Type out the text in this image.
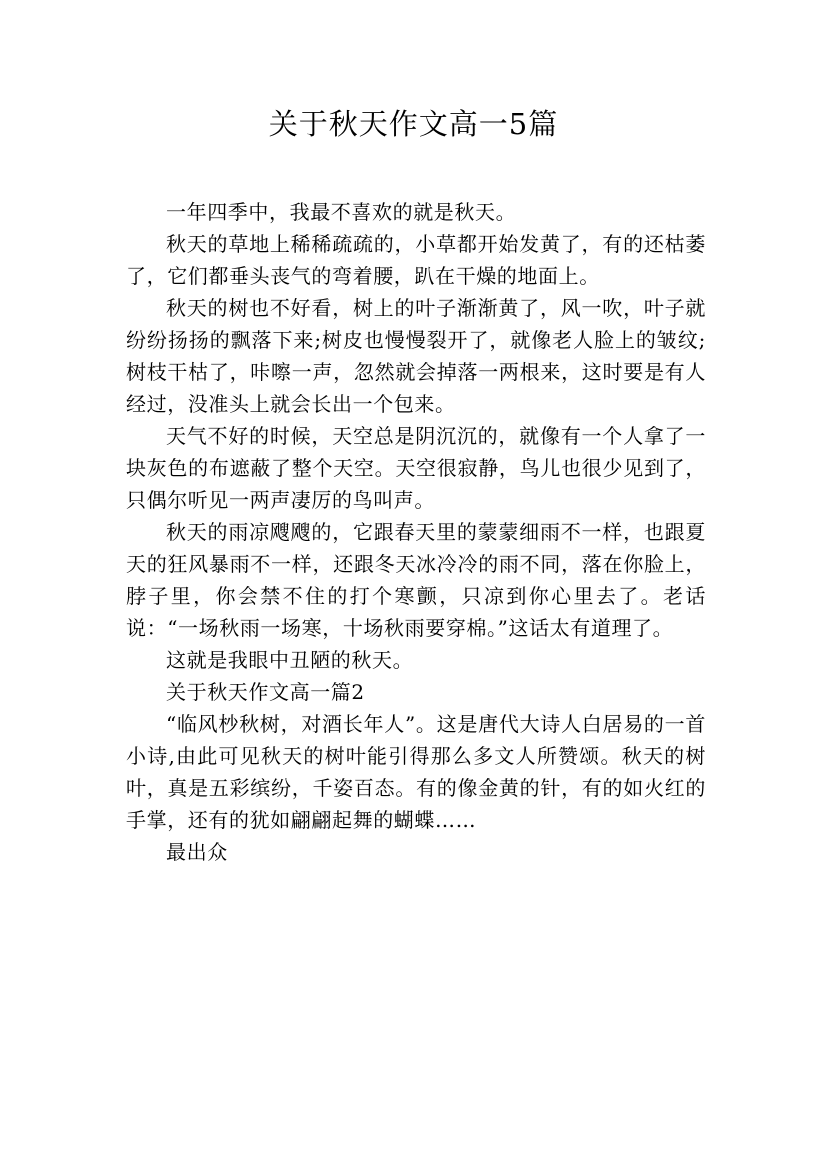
关于秋天作文高一5篇

一年四季中，我最不喜欢的就是秋天。

秋天的草地上稀稀疏疏的，小草都开始发黄了，有的还枯萎了，它们都垂头丧气的弯着腰，趴在干燥的地面上。

秋天的树也不好看，树上的叶子渐渐黄了，风一吹，叶子就纷纷扬扬的飘落下来;树皮也慢慢裂开了，就像老人脸上的皱纹;树枝干枯了，咔嚓一声，忽然就会掉落一两根来，这时要是有人经过，没准头上就会长出一个包来。

天气不好的时候，天空总是阴沉沉的，就像有一个人拿了一块灰色的布遮蔽了整个天空。天空很寂静，鸟儿也很少见到了，只偶尔听见一两声凄厉的鸟叫声。

秋天的雨凉飕飕的，它跟春天里的蒙蒙细雨不一样，也跟夏天的狂风暴雨不一样，还跟冬天冰冷冷的雨不同，落在你脸上，脖子里，你会禁不住的打个寒颤，只凉到你心里去了。老话说：“一场秋雨一场寒，十场秋雨要穿棉。”这话太有道理了。

这就是我眼中丑陋的秋天。

关于秋天作文高一篇2

“临风杪秋树，对酒长年人”。这是唐代大诗人白居易的一首小诗,由此可见秋天的树叶能引得那么多文人所赞颂。秋天的树叶，真是五彩缤纷，千姿百态。有的像金黄的针，有的如火红的手掌，还有的犹如翩翩起舞的蝴蝶……

最出众
